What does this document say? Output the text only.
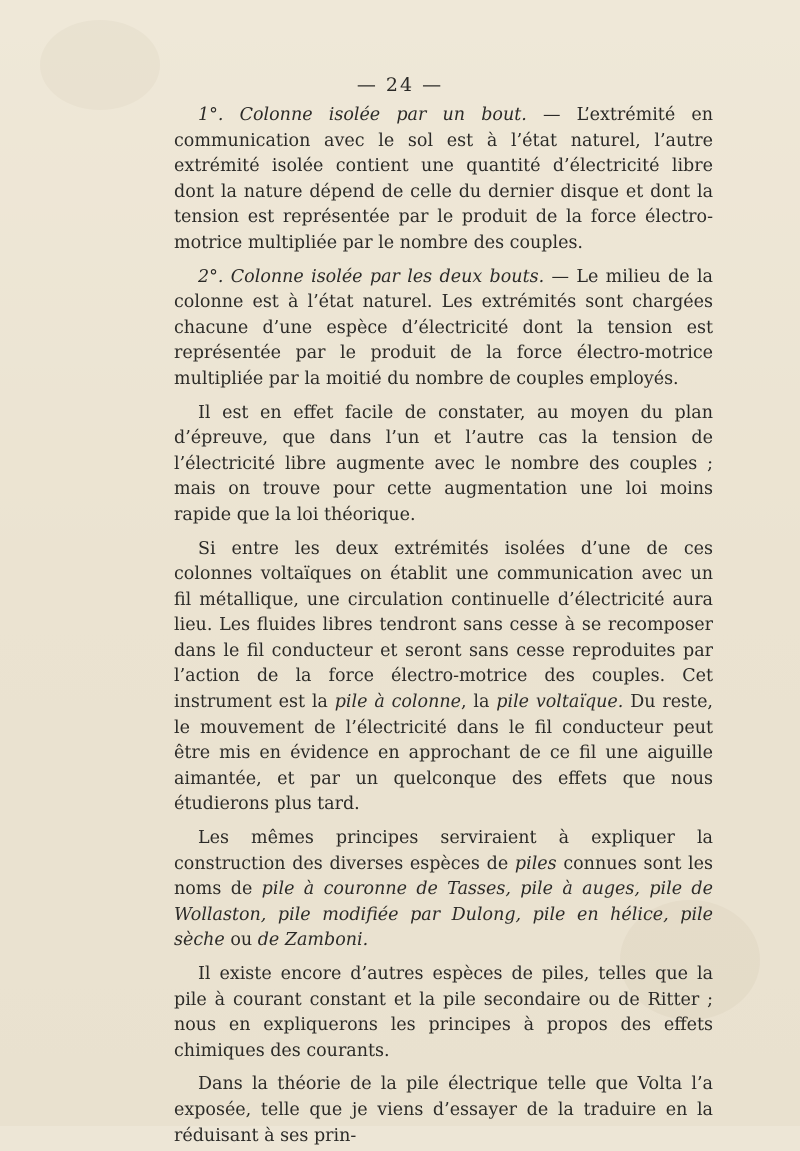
— 24 —

1°. Colonne isolée par un bout. — L’extrémité en communication avec le sol est à l’état naturel, l’autre extrémité isolée contient une quantité d’électricité libre dont la nature dépend de celle du dernier disque et dont la tension est représentée par le produit de la force électro-motrice multipliée par le nombre des couples.

2°. Colonne isolée par les deux bouts. — Le milieu de la colonne est à l’état naturel. Les extrémités sont chargées chacune d’une espèce d’électricité dont la tension est représentée par le produit de la force électro-motrice multipliée par la moitié du nombre de couples employés.

Il est en effet facile de constater, au moyen du plan d’épreuve, que dans l’un et l’autre cas la tension de l’électricité libre augmente avec le nombre des couples ; mais on trouve pour cette augmentation une loi moins rapide que la loi théorique.

Si entre les deux extrémités isolées d’une de ces colonnes voltaïques on établit une communication avec un fil métallique, une circulation continuelle d’électricité aura lieu. Les fluides libres tendront sans cesse à se recomposer dans le fil conducteur et seront sans cesse reproduites par l’action de la force électro-motrice des couples. Cet instrument est la pile à colonne, la pile voltaïque. Du reste, le mouvement de l’électricité dans le fil conducteur peut être mis en évidence en approchant de ce fil une aiguille aimantée, et par un quelconque des effets que nous étudierons plus tard.

Les mêmes principes serviraient à expliquer la construction des diverses espèces de piles connues sont les noms de pile à couronne de Tasses, pile à auges, pile de Wollaston, pile modifiée par Dulong, pile en hélice, pile sèche ou de Zamboni.

Il existe encore d’autres espèces de piles, telles que la pile à courant constant et la pile secondaire ou de Ritter ; nous en expliquerons les principes à propos des effets chimiques des courants.

Dans la théorie de la pile électrique telle que Volta l’a exposée, telle que je viens d’essayer de la traduire en la réduisant à ses prin-
